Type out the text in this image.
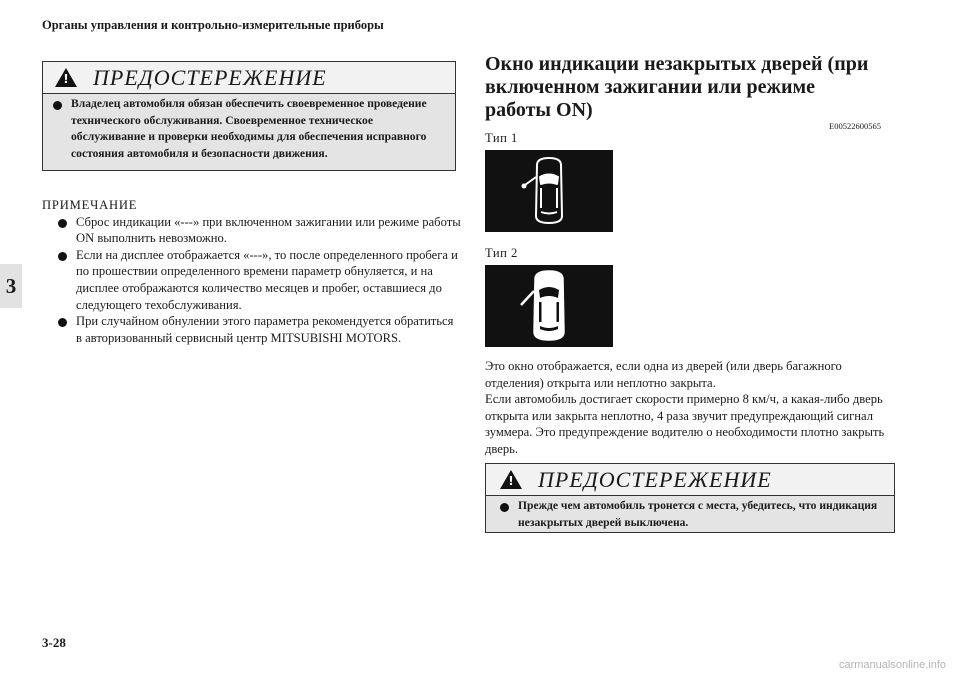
Органы управления и контрольно-измерительные приборы
3
! ПРЕДОСТЕРЕЖЕНИЕ
Владелец автомобиля обязан обеспечить своевременное проведение технического обслуживания. Своевременное техническое обслуживание и проверки необходимы для обеспечения исправного состояния автомобиля и безопасности движения.
ПРИМЕЧАНИЕ
Сброс индикации «---» при включенном зажигании или режиме работы ON выполнить невозможно.
Если на дисплее отображается «---», то после определенного пробега и по прошествии определенного времени параметр обнуляется, и на дисплее отображаются количество месяцев и пробег, оставшиеся до следующего техобслуживания.
При случайном обнулении этого параметра рекомендуется обратиться в авторизованный сервисный центр MITSUBISHI MOTORS.
Окно индикации незакрытых дверей (при включенном зажигании или режиме работы ON)
E00522600565
Тип 1
Тип 2

Это окно отображается, если одна из дверей (или дверь багажного отделения) открыта или неплотно закрыта.

Если автомобиль достигает скорости примерно 8 км/ч, а какая-либо дверь открыта или закрыта неплотно, 4 раза звучит предупреждающий сигнал зуммера. Это предупреждение водителю о необходимости плотно закрыть дверь.

! ПРЕДОСТЕРЕЖЕНИЕ
Прежде чем автомобиль тронется с места, убедитесь, что индикация незакрытых дверей выключена.
3-28
carmanualsonline.info
